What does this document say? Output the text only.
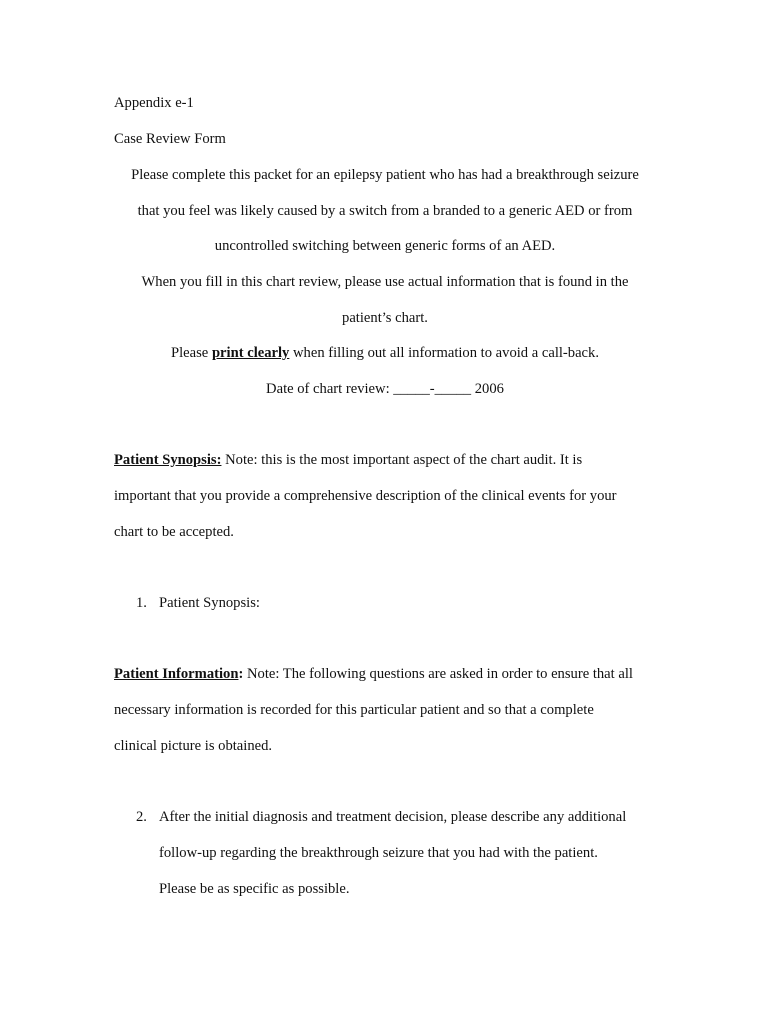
Appendix e-1
Case Review Form
Please complete this packet for an epilepsy patient who has had a breakthrough seizure
that you feel was likely caused by a switch from a branded to a generic AED or from
uncontrolled switching between generic forms of an AED.
When you fill in this chart review, please use actual information that is found in the
patient’s chart.
Please print clearly when filling out all information to avoid a call-back.
Date of chart review: _____-_____ 2006
Patient Synopsis: Note: this is the most important aspect of the chart audit. It is
important that you provide a comprehensive description of the clinical events for your
chart to be accepted.
1. Patient Synopsis:
Patient Information: Note: The following questions are asked in order to ensure that all
necessary information is recorded for this particular patient and so that a complete
clinical picture is obtained.
2. After the initial diagnosis and treatment decision, please describe any additional
follow-up regarding the breakthrough seizure that you had with the patient.
Please be as specific as possible.
